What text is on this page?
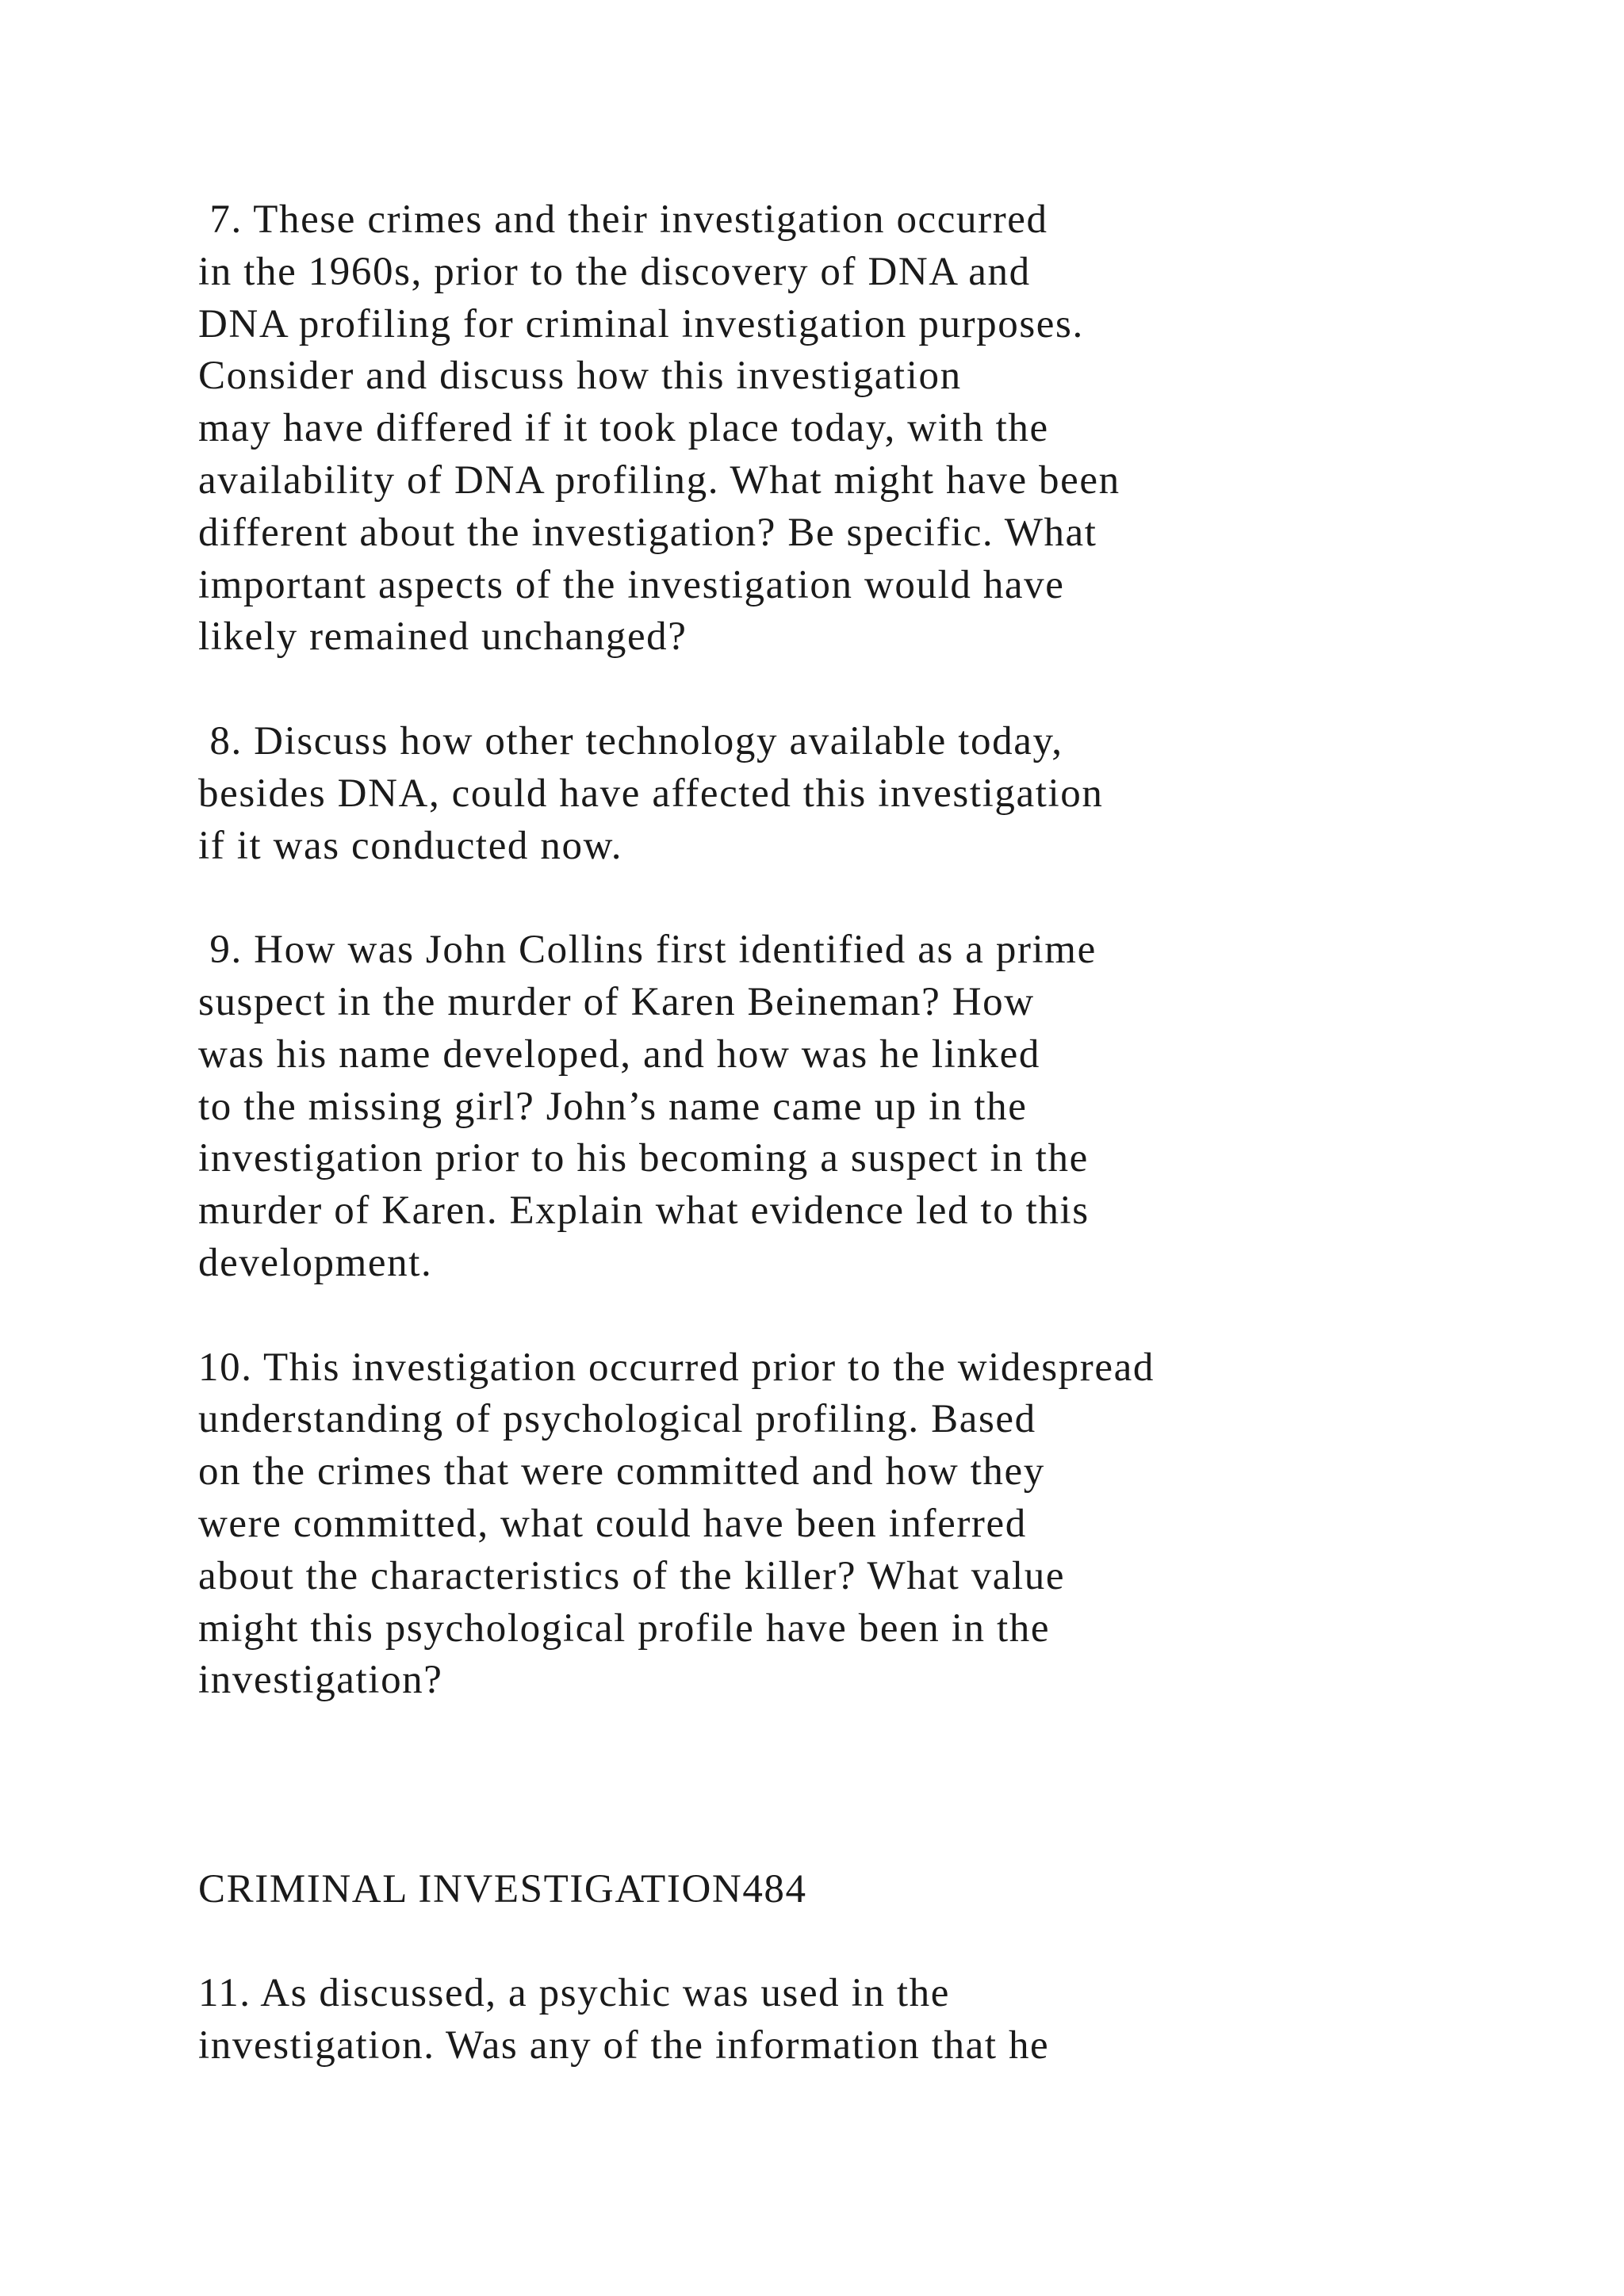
7. These crimes and their investigation occurred
in the 1960s, prior to the discovery of DNA and
DNA profiling for criminal investigation purposes.
Consider and discuss how this investigation
may have differed if it took place today, with the
availability of DNA profiling. What might have been
different about the investigation? Be specific. What
important aspects of the investigation would have
likely remained unchanged?
8. Discuss how other technology available today,
besides DNA, could have affected this investigation
if it was conducted now.
9. How was John Collins first identified as a prime
suspect in the murder of Karen Beineman? How
was his name developed, and how was he linked
to the missing girl? John’s name came up in the
investigation prior to his becoming a suspect in the
murder of Karen. Explain what evidence led to this
development.
10. This investigation occurred prior to the widespread
understanding of psychological profiling. Based
on the crimes that were committed and how they
were committed, what could have been inferred
about the characteristics of the killer? What value
might this psychological profile have been in the
investigation?
CRIMINAL INVESTIGATION484
11. As discussed, a psychic was used in the
investigation. Was any of the information that he
